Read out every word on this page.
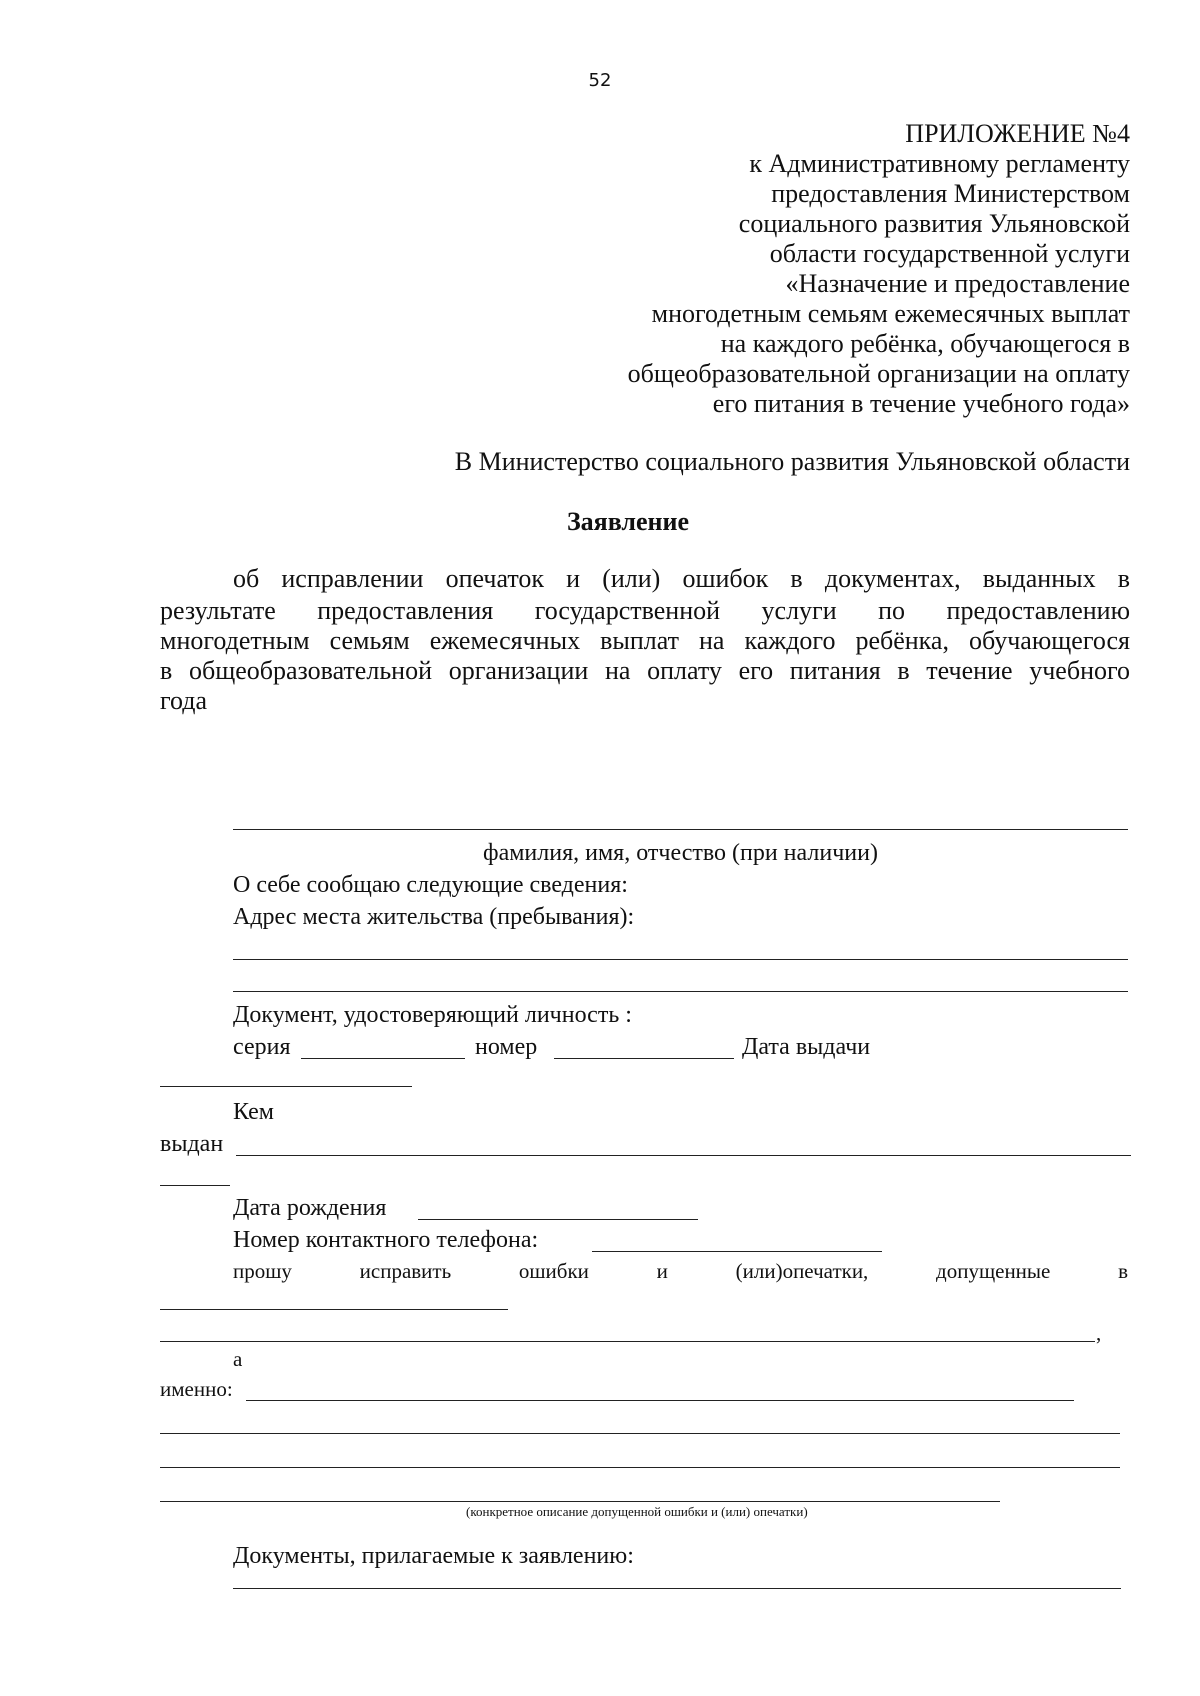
52
ПРИЛОЖЕНИЕ №4
к Административному регламенту
предоставления Министерством
социального развития Ульяновской
области государственной услуги
«Назначение и предоставление
многодетным семьям ежемесячных выплат
на каждого ребёнка, обучающегося в
общеобразовательной организации на оплату
его питания в течение учебного года»
В Министерство социального развития Ульяновской области
Заявление
об исправлении опечаток и (или) ошибок в документах, выданных в
результате предоставления государственной услуги по предоставлению
многодетным семьям ежемесячных выплат на каждого ребёнка, обучающегося
в общеобразовательной организации на оплату его питания в течение учебного
года
фамилия, имя, отчество (при наличии)
О себе сообщаю следующие сведения:
Адрес места жительства (пребывания):
Документ, удостоверяющий личность :
серия	номер	Дата выдачи
Кем
выдан
Дата рождения
Номер контактного телефона:
прошу	исправить	ошибки	и	(или)опечатки,	допущенные	в
,
а
именно:
(конкретное описание допущенной ошибки и (или) опечатки)
Документы, прилагаемые к заявлению:
